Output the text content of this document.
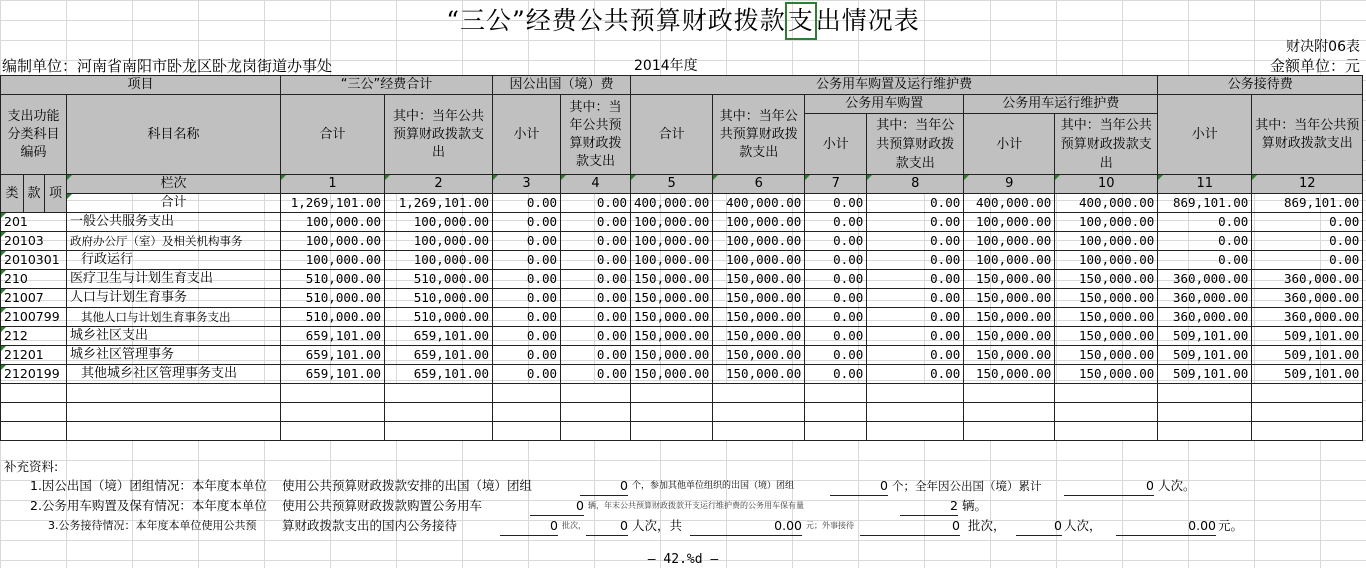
“三公”经费公共预算财政拨款支出情况表
财决附06表
编制单位：河南省南阳市卧龙区卧龙岗街道办事处	2014年度	金额单位：元
项目				“三公”经费合计		因公出国（境）费		公务用车购置及运行维护费						公务接待费	
支出功能分类科目编码			科目名称	合计	其中：当年公共预算财政拨款支出	小计	其中：当年公共预算财政拨款支出	合计	其中：当年公共预算财政拨款支出	公务用车购置		公务用车运行维护费		小计	其中：当年公共预算财政拨款支出
										小计	其中：当年公共预算财政拨款支出	小计	其中：当年公共预算财政拨款支出		
类	款	项	栏次	1	2	3	4	5	6	7	8	9	10	11	12
			合计	1,269,101.00	1,269,101.00	0.00	0.00	400,000.00	400,000.00	0.00	0.00	400,000.00	400,000.00	869,101.00	869,101.00
201			一般公共服务支出	100,000.00	100,000.00	0.00	0.00	100,000.00	100,000.00	0.00	0.00	100,000.00	100,000.00	0.00	0.00
20103			政府办公厅（室）及相关机构事务	100,000.00	100,000.00	0.00	0.00	100,000.00	100,000.00	0.00	0.00	100,000.00	100,000.00	0.00	0.00
2010301			行政运行	100,000.00	100,000.00	0.00	0.00	100,000.00	100,000.00	0.00	0.00	100,000.00	100,000.00	0.00	0.00
210			医疗卫生与计划生育支出	510,000.00	510,000.00	0.00	0.00	150,000.00	150,000.00	0.00	0.00	150,000.00	150,000.00	360,000.00	360,000.00
21007			人口与计划生育事务	510,000.00	510,000.00	0.00	0.00	150,000.00	150,000.00	0.00	0.00	150,000.00	150,000.00	360,000.00	360,000.00
2100799			其他人口与计划生育事务支出	510,000.00	510,000.00	0.00	0.00	150,000.00	150,000.00	0.00	0.00	150,000.00	150,000.00	360,000.00	360,000.00
212			城乡社区支出	659,101.00	659,101.00	0.00	0.00	150,000.00	150,000.00	0.00	0.00	150,000.00	150,000.00	509,101.00	509,101.00
21201			城乡社区管理事务	659,101.00	659,101.00	0.00	0.00	150,000.00	150,000.00	0.00	0.00	150,000.00	150,000.00	509,101.00	509,101.00
2120199			其他城乡社区管理事务支出	659,101.00	659,101.00	0.00	0.00	150,000.00	150,000.00	0.00	0.00	150,000.00	150,000.00	509,101.00	509,101.00

补充资料:
1.因公出国（境）团组情况：本年度本单位 使用公共预算财政拨款安排的出国（境）团组	0 个，参加其他单位组织的出国（境）团组	0 个；全年因公出国（境）累计	0 人次。
2.公务用车购置及保有情况：本年度本单位 使用公共预算财政拨款购置公务用车	0 辆，年末公共预算财政拨款开支运行维护费的公务用车保有量	2 辆。
3.公务接待情况：本年度本单位使用公共预 算财政拨款支出的国内公务接待	0 批次，	0 人次，共	0.00 元；外事接待	0 批次，	0 人次，	0.00 元。
— 42.%d —
